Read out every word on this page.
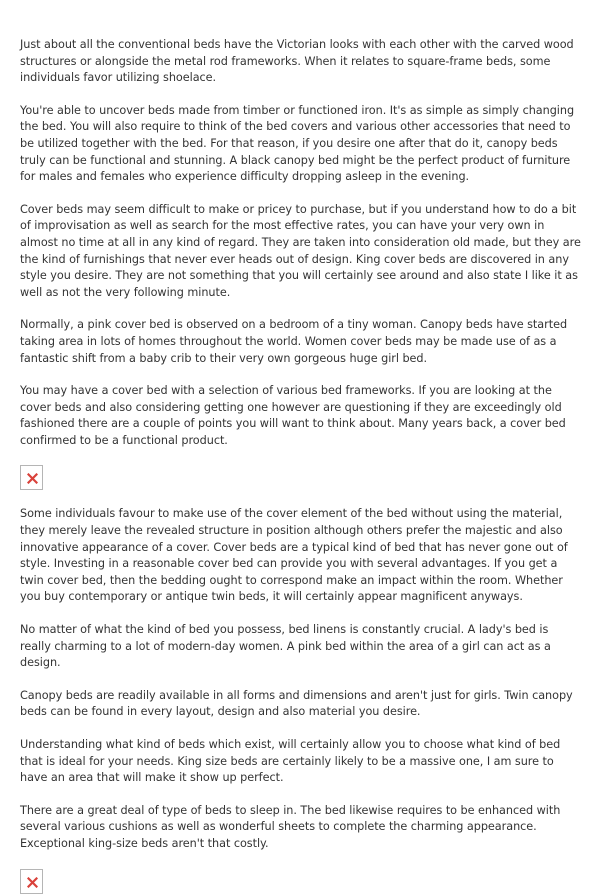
Just about all the conventional beds have the Victorian looks with each other with the carved wood structures or alongside the metal rod frameworks. When it relates to square-frame beds, some individuals favor utilizing shoelace.

You're able to uncover beds made from timber or functioned iron. It's as simple as simply changing the bed. You will also require to think of the bed covers and various other accessories that need to be utilized together with the bed. For that reason, if you desire one after that do it, canopy beds truly can be functional and stunning. A black canopy bed might be the perfect product of furniture for males and females who experience difficulty dropping asleep in the evening.

Cover beds may seem difficult to make or pricey to purchase, but if you understand how to do a bit of improvisation as well as search for the most effective rates, you can have your very own in almost no time at all in any kind of regard. They are taken into consideration old made, but they are the kind of furnishings that never ever heads out of design. King cover beds are discovered in any style you desire. They are not something that you will certainly see around and also state I like it as well as not the very following minute.

Normally, a pink cover bed is observed on a bedroom of a tiny woman. Canopy beds have started taking area in lots of homes throughout the world. Women cover beds may be made use of as a fantastic shift from a baby crib to their very own gorgeous huge girl bed.

You may have a cover bed with a selection of various bed frameworks. If you are looking at the cover beds and also considering getting one however are questioning if they are exceedingly old fashioned there are a couple of points you will want to think about. Many years back, a cover bed confirmed to be a functional product.

Some individuals favour to make use of the cover element of the bed without using the material, they merely leave the revealed structure in position although others prefer the majestic and also innovative appearance of a cover. Cover beds are a typical kind of bed that has never gone out of style. Investing in a reasonable cover bed can provide you with several advantages. If you get a twin cover bed, then the bedding ought to correspond make an impact within the room. Whether you buy contemporary or antique twin beds, it will certainly appear magnificent anyways.

No matter of what the kind of bed you possess, bed linens is constantly crucial. A lady's bed is really charming to a lot of modern-day women. A pink bed within the area of a girl can act as a design.

Canopy beds are readily available in all forms and dimensions and aren't just for girls. Twin canopy beds can be found in every layout, design and also material you desire.

Understanding what kind of beds which exist, will certainly allow you to choose what kind of bed that is ideal for your needs. King size beds are certainly likely to be a massive one, I am sure to have an area that will make it show up perfect.

There are a great deal of type of beds to sleep in. The bed likewise requires to be enhanced with several various cushions as well as wonderful sheets to complete the charming appearance. Exceptional king-size beds aren't that costly.
